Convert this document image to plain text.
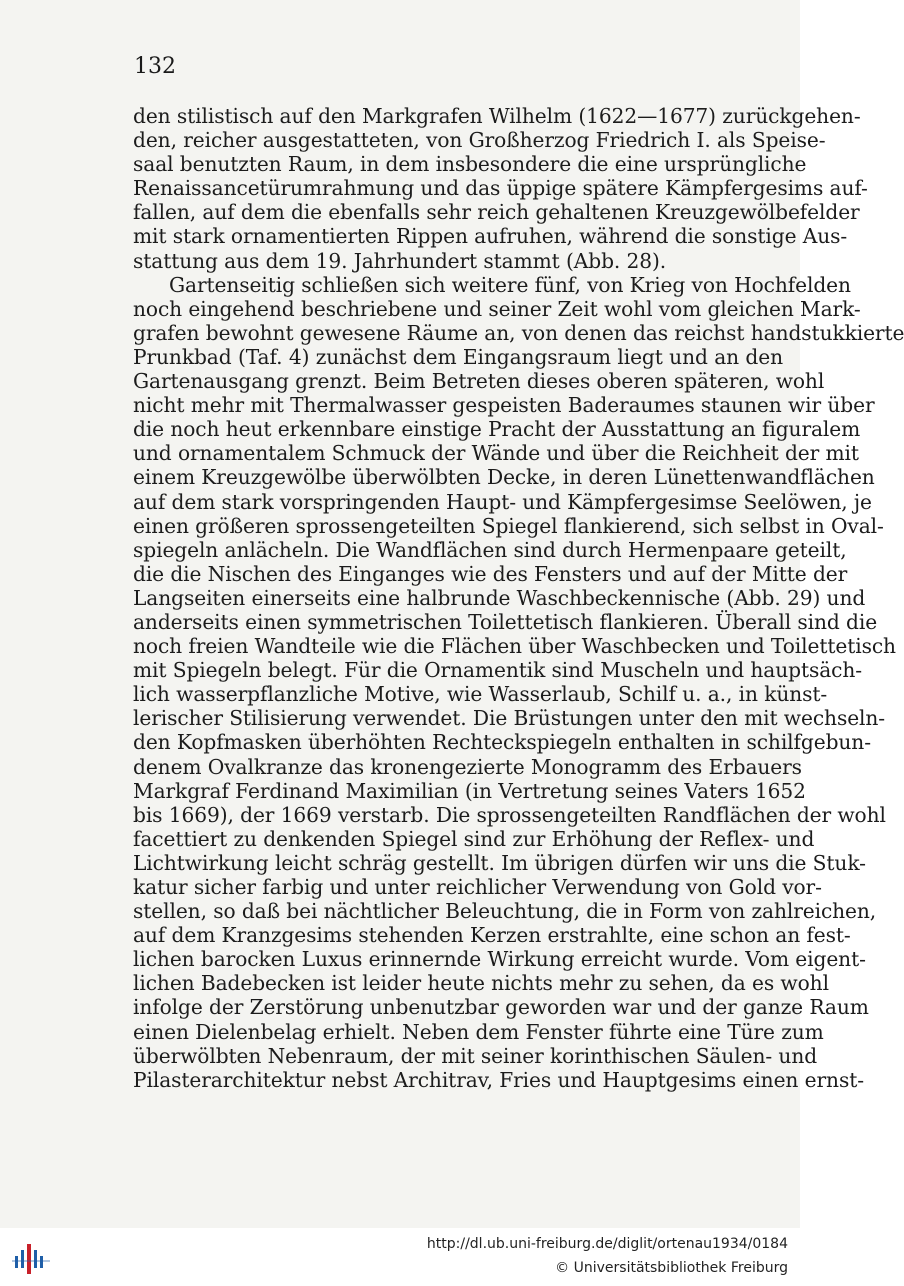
132
den stilistisch auf den Markgrafen Wilhelm (1622—1677) zurückgehen-
den, reicher ausgestatteten, von Großherzog Friedrich I. als Speise-
saal benutzten Raum, in dem insbesondere die eine ursprüngliche
Renaissancetürumrahmung und das üppige spätere Kämpfergesims auf-
fallen, auf dem die ebenfalls sehr reich gehaltenen Kreuzgewölbefelder
mit stark ornamentierten Rippen aufruhen, während die sonstige Aus-
stattung aus dem 19. Jahrhundert stammt (Abb. 28).
Gartenseitig schließen sich weitere fünf, von Krieg von Hochfelden
noch eingehend beschriebene und seiner Zeit wohl vom gleichen Mark-
grafen bewohnt gewesene Räume an, von denen das reichst handstukkierte
Prunkbad (Taf. 4) zunächst dem Eingangsraum liegt und an den
Gartenausgang grenzt. Beim Betreten dieses oberen späteren, wohl
nicht mehr mit Thermalwasser gespeisten Baderaumes staunen wir über
die noch heut erkennbare einstige Pracht der Ausstattung an figuralem
und ornamentalem Schmuck der Wände und über die Reichheit der mit
einem Kreuzgewölbe überwölbten Decke, in deren Lünettenwandflächen
auf dem stark vorspringenden Haupt- und Kämpfergesimse Seelöwen, je
einen größeren sprossengeteilten Spiegel flankierend, sich selbst in Oval-
spiegeln anlächeln. Die Wandflächen sind durch Hermenpaare geteilt,
die die Nischen des Einganges wie des Fensters und auf der Mitte der
Langseiten einerseits eine halbrunde Waschbeckennische (Abb. 29) und
anderseits einen symmetrischen Toilettetisch flankieren. Überall sind die
noch freien Wandteile wie die Flächen über Waschbecken und Toilettetisch
mit Spiegeln belegt. Für die Ornamentik sind Muscheln und hauptsäch-
lich wasserpflanzliche Motive, wie Wasserlaub, Schilf u. a., in künst-
lerischer Stilisierung verwendet. Die Brüstungen unter den mit wechseln-
den Kopfmasken überhöhten Rechteckspiegeln enthalten in schilfgebun-
denem Ovalkranze das kronengezierte Monogramm des Erbauers
Markgraf Ferdinand Maximilian (in Vertretung seines Vaters 1652
bis 1669), der 1669 verstarb. Die sprossengeteilten Randflächen der wohl
facettiert zu denkenden Spiegel sind zur Erhöhung der Reflex- und
Lichtwirkung leicht schräg gestellt. Im übrigen dürfen wir uns die Stuk-
katur sicher farbig und unter reichlicher Verwendung von Gold vor-
stellen, so daß bei nächtlicher Beleuchtung, die in Form von zahlreichen,
auf dem Kranzgesims stehenden Kerzen erstrahlte, eine schon an fest-
lichen barocken Luxus erinnernde Wirkung erreicht wurde. Vom eigent-
lichen Badebecken ist leider heute nichts mehr zu sehen, da es wohl
infolge der Zerstörung unbenutzbar geworden war und der ganze Raum
einen Dielenbelag erhielt. Neben dem Fenster führte eine Türe zum
überwölbten Nebenraum, der mit seiner korinthischen Säulen- und
Pilasterarchitektur nebst Architrav, Fries und Hauptgesims einen ernst-
http://dl.ub.uni-freiburg.de/diglit/ortenau1934/0184
© Universitätsbibliothek Freiburg
